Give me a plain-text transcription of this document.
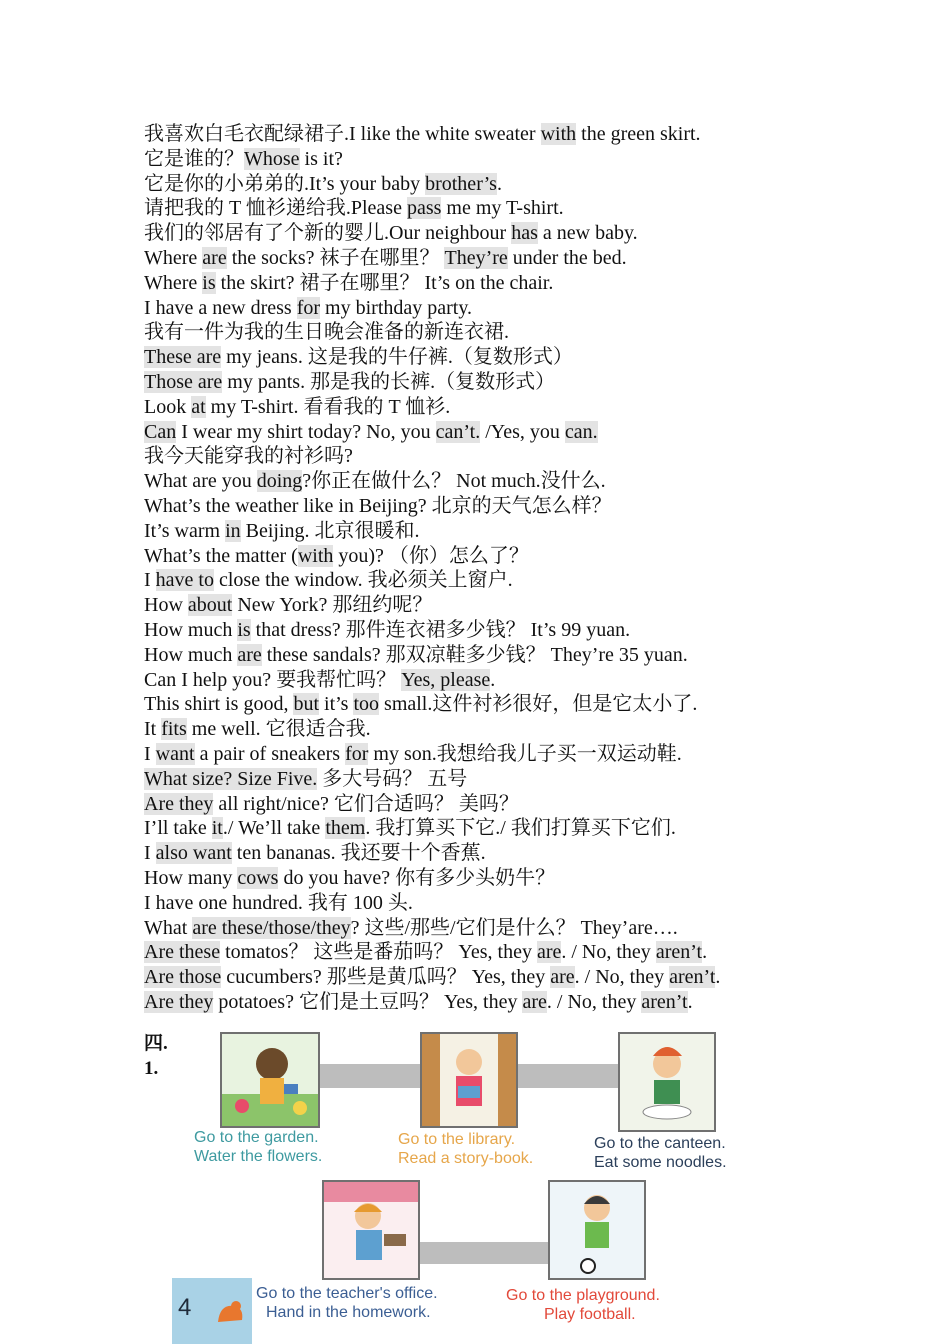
我喜欢白毛衣配绿裙子.I like the white sweater with the green skirt.
它是谁的？Whose is it?
它是你的小弟弟的.It’s your baby brother’s.
请把我的 T 恤衫递给我.Please pass me my T-shirt.
我们的邻居有了个新的婴儿.Our neighbour has a new baby.
Where are the socks? 袜子在哪里？ They’re under the bed.
Where is the skirt? 裙子在哪里？ It’s on the chair.
I have a new dress for my birthday party.
我有一件为我的生日晚会准备的新连衣裙.
These are my jeans. 这是我的牛仔裤.（复数形式）
Those are my pants. 那是我的长裤.（复数形式）
Look at my T-shirt. 看看我的 T 恤衫.
Can I wear my shirt today? No, you can’t. /Yes, you can.
我今天能穿我的衬衫吗?
What are you doing?你正在做什么？ Not much.没什么.
What’s the weather like in Beijing? 北京的天气怎么样？
It’s warm in Beijing. 北京很暖和.
What’s the matter (with you)? （你）怎么了？
I have to close the window. 我必须关上窗户.
How about New York? 那纽约呢？
How much is that dress? 那件连衣裙多少钱？ It’s 99 yuan.
How much are these sandals? 那双凉鞋多少钱？ They’re 35 yuan.
Can I help you? 要我帮忙吗？ Yes, please.
This shirt is good, but it’s too small.这件衬衫很好，但是它太小了.
It fits me well. 它很适合我.
I want a pair of sneakers for my son.我想给我儿子买一双运动鞋.
What size? Size Five. 多大号码？ 五号
Are they all right/nice? 它们合适吗？ 美吗？
I’ll take it./ We’ll take them. 我打算买下它./ 我们打算买下它们.
I also want ten bananas. 我还要十个香蕉.
How many cows do you have? 你有多少头奶牛？
I have one hundred. 我有 100 头.
What are these/those/they? 这些/那些/它们是什么？ They’are….
Are these tomatos？ 这些是番茄吗？ Yes, they are. / No, they aren’t.
Are those cucumbers? 那些是黄瓜吗？ Yes, they are. / No, they aren’t.
Are they potatoes? 它们是土豆吗？ Yes, they are. / No, they aren’t.
四.
1.
Go to the garden.
Water the flowers.
Go to the library.
Read a story-book.
Go to the canteen.
Eat some noodles.
Go to the teacher's office.
Hand in the homework.
Go to the playground.
Play football.
4
